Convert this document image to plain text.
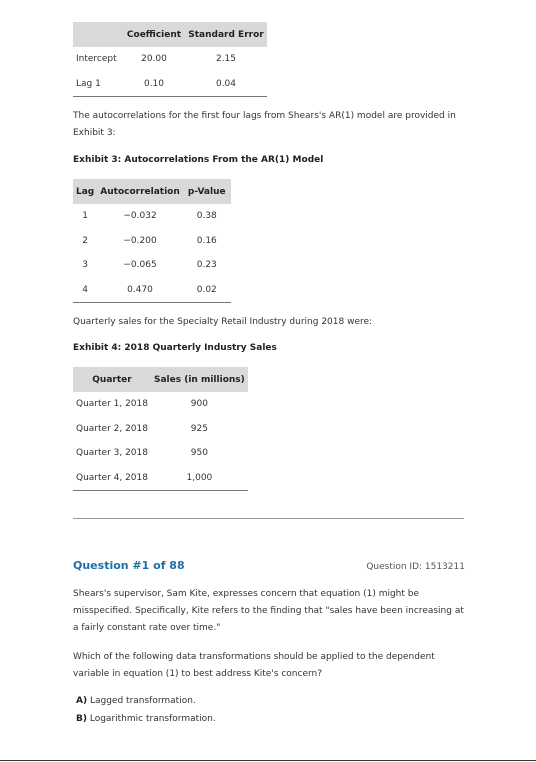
	Coefficient	Standard Error
Intercept	20.00	2.15
Lag 1	0.10	0.04

The autocorrelations for the first four lags from Shears's AR(1) model are provided in Exhibit 3:

Exhibit 3: Autocorrelations From the AR(1) Model

Lag	Autocorrelation	p-Value
1	−0.032	0.38
2	−0.200	0.16
3	−0.065	0.23
4	0.470	0.02

Quarterly sales for the Specialty Retail Industry during 2018 were:

Exhibit 4: 2018 Quarterly Industry Sales

Quarter	Sales (in millions)
Quarter 1, 2018	900
Quarter 2, 2018	925
Quarter 3, 2018	950
Quarter 4, 2018	1,000
Question #1 of 88	Question ID: 1513211

Shears's supervisor, Sam Kite, expresses concern that equation (1) might be misspecified. Specifically, Kite refers to the finding that "sales have been increasing at a fairly constant rate over time."

Which of the following data transformations should be applied to the dependent variable in equation (1) to best address Kite's concern?

A) Lagged transformation.
B) Logarithmic transformation.
